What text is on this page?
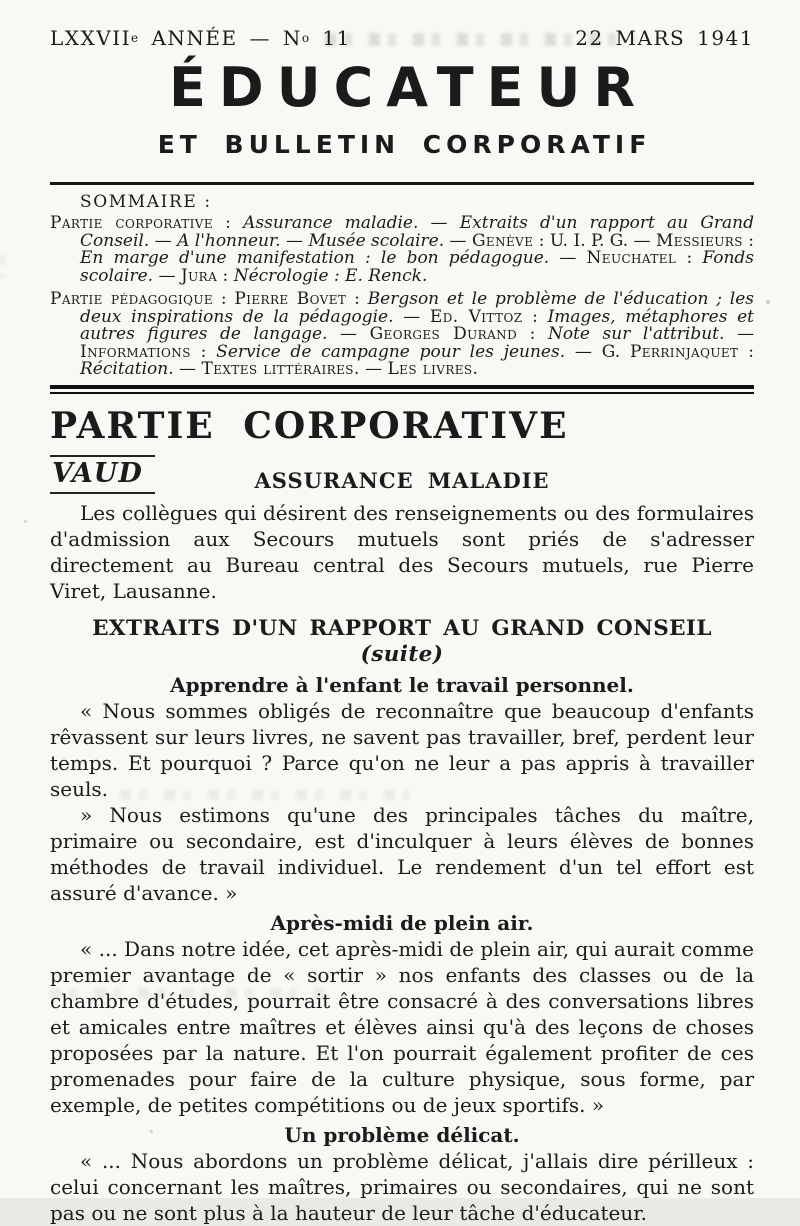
LXXVIIe ANNÉE — $N^o$ 11	22 MARS 1941
ÉDUCATEUR
ET BULLETIN CORPORATIF
SOMMAIRE :

Partie corporative : Assurance maladie. — Extraits d'un rapport au Grand Conseil. — A l'honneur. — Musée scolaire. — Genève : U. I. P. G. — Messieurs : En marge d'une manifestation : le bon pédagogue. — Neuchatel : Fonds scolaire. — Jura : Nécrologie : E. Renck.

Partie pédagogique : Pierre Bovet : Bergson et le problème de l'éducation ; les deux inspirations de la pédagogie. — Ed. Vittoz : Images, métaphores et autres figures de langage. — Georges Durand : Note sur l'attribut. — Informations : Service de campagne pour les jeunes. — G. Perrinjaquet : Récitation. — Textes littéraires. — Les livres.

PARTIE CORPORATIVE
VAUD	ASSURANCE MALADIE

Les collègues qui désirent des renseignements ou des formulaires d'admission aux Secours mutuels sont priés de s'adresser directement au Bureau central des Secours mutuels, rue Pierre Viret, Lausanne.

EXTRAITS D'UN RAPPORT AU GRAND CONSEIL (suite)
Apprendre à l'enfant le travail personnel.

« Nous sommes obligés de reconnaître que beaucoup d'enfants rêvassent sur leurs livres, ne savent pas travailler, bref, perdent leur temps. Et pourquoi ? Parce qu'on ne leur a pas appris à travailler seuls.

» Nous estimons qu'une des principales tâches du maître, primaire ou secondaire, est d'inculquer à leurs élèves de bonnes méthodes de travail individuel. Le rendement d'un tel effort est assuré d'avance. »

Après-midi de plein air.

« ... Dans notre idée, cet après-midi de plein air, qui aurait comme premier avantage de « sortir » nos enfants des classes ou de la chambre d'études, pourrait être consacré à des conversations libres et amicales entre maîtres et élèves ainsi qu'à des leçons de choses proposées par la nature. Et l'on pourrait également profiter de ces promenades pour faire de la culture physique, sous forme, par exemple, de petites compétitions ou de jeux sportifs. »

Un problème délicat.

« ... Nous abordons un problème délicat, j'allais dire périlleux : celui concernant les maîtres, primaires ou secondaires, qui ne sont pas ou ne sont plus à la hauteur de leur tâche d'éducateur.
